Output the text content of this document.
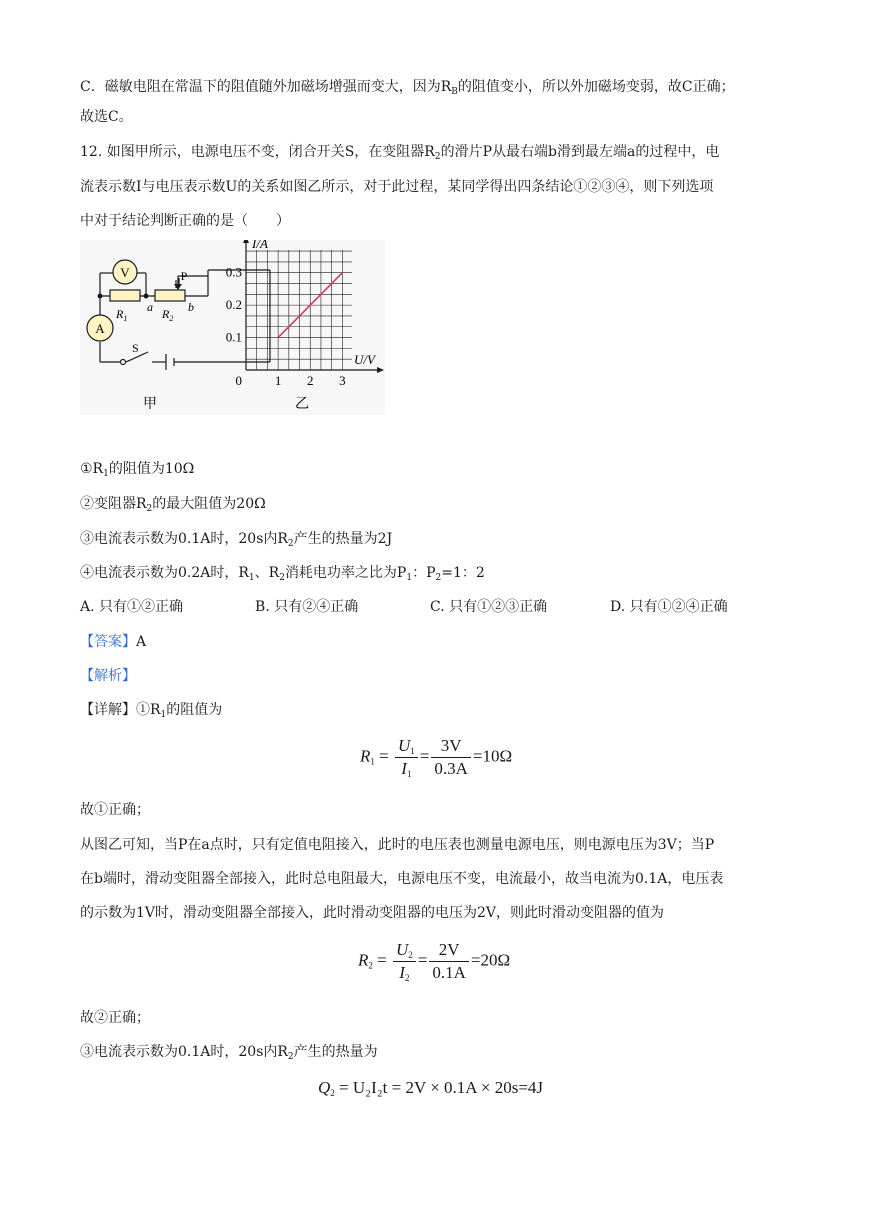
C．磁敏电阻在常温下的阻值随外加磁场增强而变大，因为$R_B$的阻值变小，所以外加磁场变弱，故C正确；
故选C。
12. 如图甲所示，电源电压不变，闭合开关S，在变阻器$R_2$的滑片P从最右端b滑到最左端a的过程中，电
流表示数I与电压表示数U的关系如图乙所示，对于此过程，某同学得出四条结论①②③④，则下列选项
中对于结论判断正确的是（　　）
V
A
$R_1$	$R_2$
P
a	b
S
甲
1 2 3
0.1
0.2
0.3
0
I/A
U/V
乙
$①R_1$的阻值为10Ω
②变阻器$R_2$的最大阻值为20Ω
③电流表示数为0.1A时，20s内$R_2$产生的热量为2J
④电流表示数为0.2A时，$R_1$、$R_2$消耗电功率之比为$P_1$：$P_2=1$：2
A. 只有①②正确	B. 只有②④正确	C. 只有①②③正确	D. 只有①②④正确
【答案】A
【解析】
【详解】$①R_1$的阻值为
$R_1 = \frac{U_1}{I_1} = \frac{3V}{0.3A} =10\Omega$
故①正确；
从图乙可知，当P在a点时，只有定值电阻接入，此时的电压表也测量电源电压，则电源电压为3V；当P
在b端时，滑动变阻器全部接入，此时总电阻最大，电源电压不变，电流最小，故当电流为0.1A，电压表
的示数为1V时，滑动变阻器全部接入，此时滑动变阻器的电压为2V，则此时滑动变阻器的值为
$R_2 = \frac{U_2}{I_2} = \frac{2V}{0.1A} =20\Omega$
故②正确；
③电流表示数为0.1A时，20s内$R_2$产生的热量为
$Q_2 = U_2I_2t = 2V \times 0.1A \times 20s=4J$
